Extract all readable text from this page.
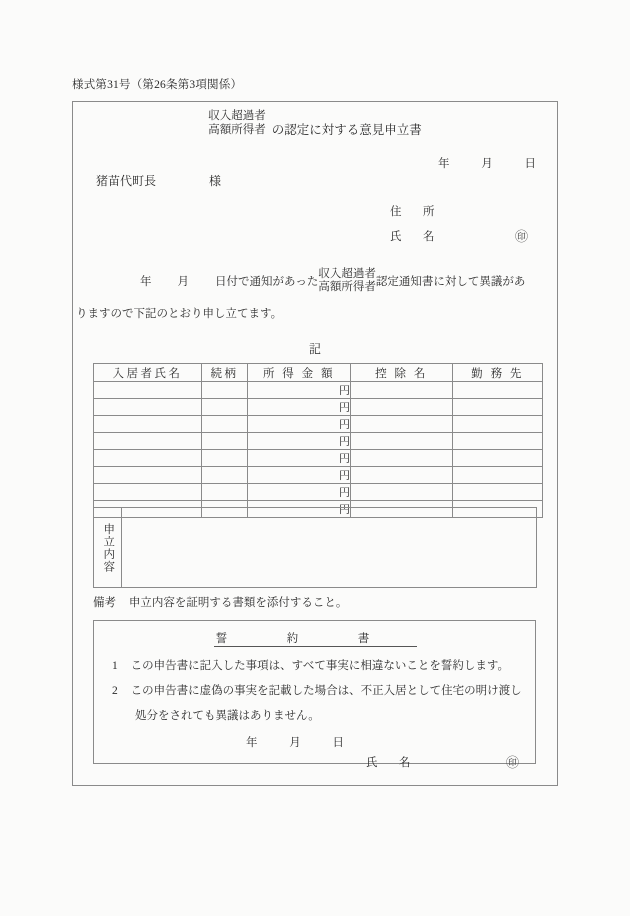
様式第31号（第26条第3項関係）
収入超過者
高額所得者 の認定に対する意見申立書
年	月	日
猪苗代町長	様
住　所
氏　名	㊞
年 月 日付で通知があった
収入超過者
高額所得者 認定通知書に対して異議があ
りますので下記のとおり申し立てます。
記
入居者氏名	続柄	所 得 金 額	控 除 名	勤 務 先
		円		
		円		
		円		
		円		
		円		
		円		
		円		
		円		
申立内容
備考 申立内容を証明する書類を添付すること。
誓　約　書
1 この申告書に記入した事項は、すべて事実に相違ないことを誓約します。
2 この申告書に虚偽の事実を記載した場合は、不正入居として住宅の明け渡し
処分をされても異議はありません。
年	月	日
氏　名	㊞
